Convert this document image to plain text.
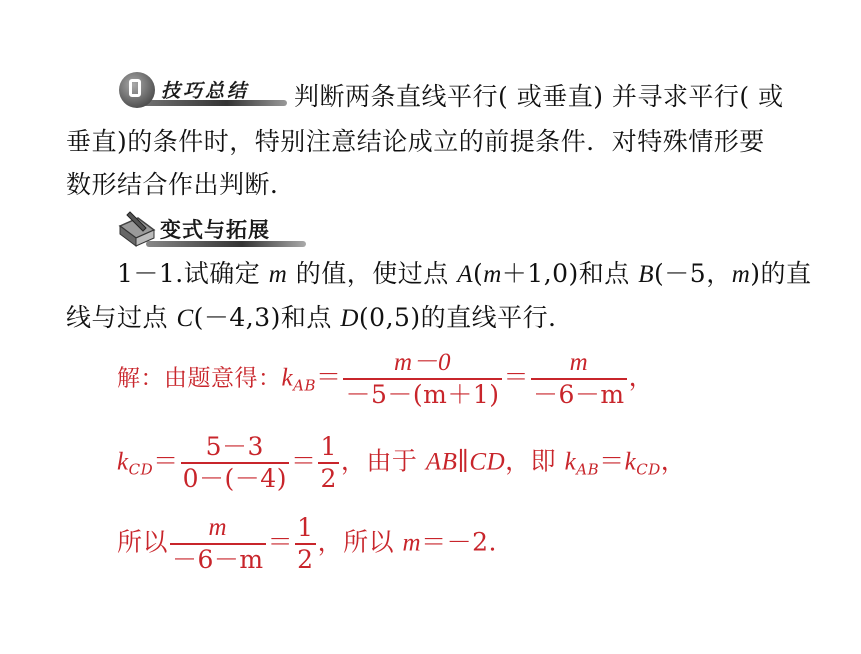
技巧总结 判断两条直线平行( 或垂直) 并寻求平行( 或
垂直)的条件时，特别注意结论成立的前提条件．对特殊情形要
数形结合作出判断．
变式与拓展
1－1.试确定 m 的值，使过点 A(m＋1,0)和点 B(－5，m)的直
线与过点 C(－4,3)和点 D(0,5)的直线平行．
解：由题意得：$k_{AB}= \frac{m-0}{-5-(m+1)} = \frac{m}{-6-m}$ ，
$k_{CD}= \frac{5-3}{0-(-4)} = \frac{1}{2}$ ，由于 AB∥CD，即 $k_{AB}=k_{CD}$，
所以 $\frac{m}{-6-m} = \frac{1}{2}$ ，所以 m＝－2.
